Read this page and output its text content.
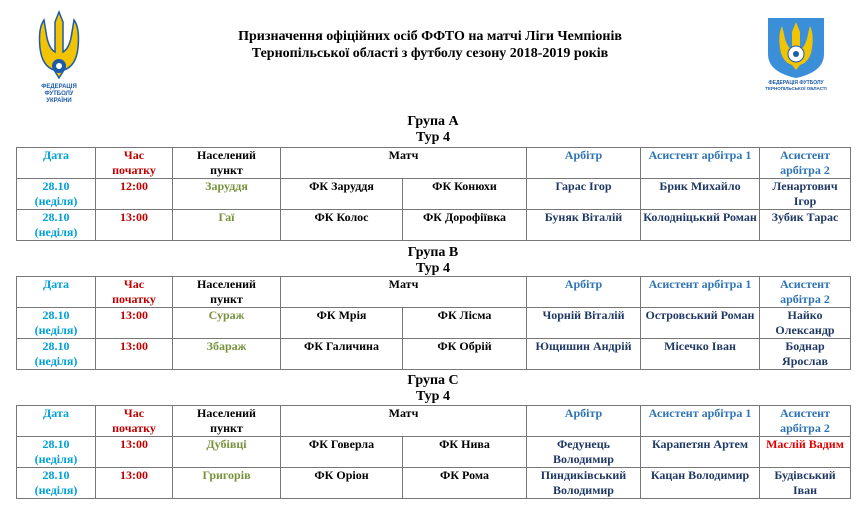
ФЕДЕРАЦІЯ
ФУТБОЛУ
УКРАЇНИ
ФЕДЕРАЦІЯ ФУТБОЛУ
ТЕРНОПІЛЬСЬКОЇ ОБЛАСТІ
Призначення офіційних осіб ФФТО на матчі Ліги Чемпіонів
Тернопільської області з футболу сезону 2018-2019 років
Група А
Тур 4
Дата	Час
початку	Населений
пункт	Матч		Арбітр	Асистент арбітра 1	Асистент
арбітра 2
28.10
(неділя)	12:00	Заруддя	ФК Заруддя	ФК Конюхи	Гарас Ігор	Брик Михайло	Ленартович Ігор
28.10
(неділя)	13:00	Гаї	ФК Колос	ФК Дорофіївка	Буняк Віталій	Колодніцький Роман	Зубик Тарас
Група В
Тур 4
Дата	Час
початку	Населений
пункт	Матч		Арбітр	Асистент арбітра 1	Асистент
арбітра 2
28.10
(неділя)	13:00	Сураж	ФК Мрія	ФК Лісма	Чорній Віталій	Островський Роман	Найко Олександр
28.10
(неділя)	13:00	Збараж	ФК Галичина	ФК Обрій	Ющишин Андрій	Місечко Іван	Боднар Ярослав
Група С
Тур 4
Дата	Час
початку	Населений
пункт	Матч		Арбітр	Асистент арбітра 1	Асистент
арбітра 2
28.10
(неділя)	13:00	Дубівці	ФК Говерла	ФК Нива	Федунець Володимир	Карапетян Артем	Маслій Вадим
28.10
(неділя)	13:00	Григорів	ФК Оріон	ФК Рома	Пиндиківський Володимир	Кацан Володимир	Будівський Іван
